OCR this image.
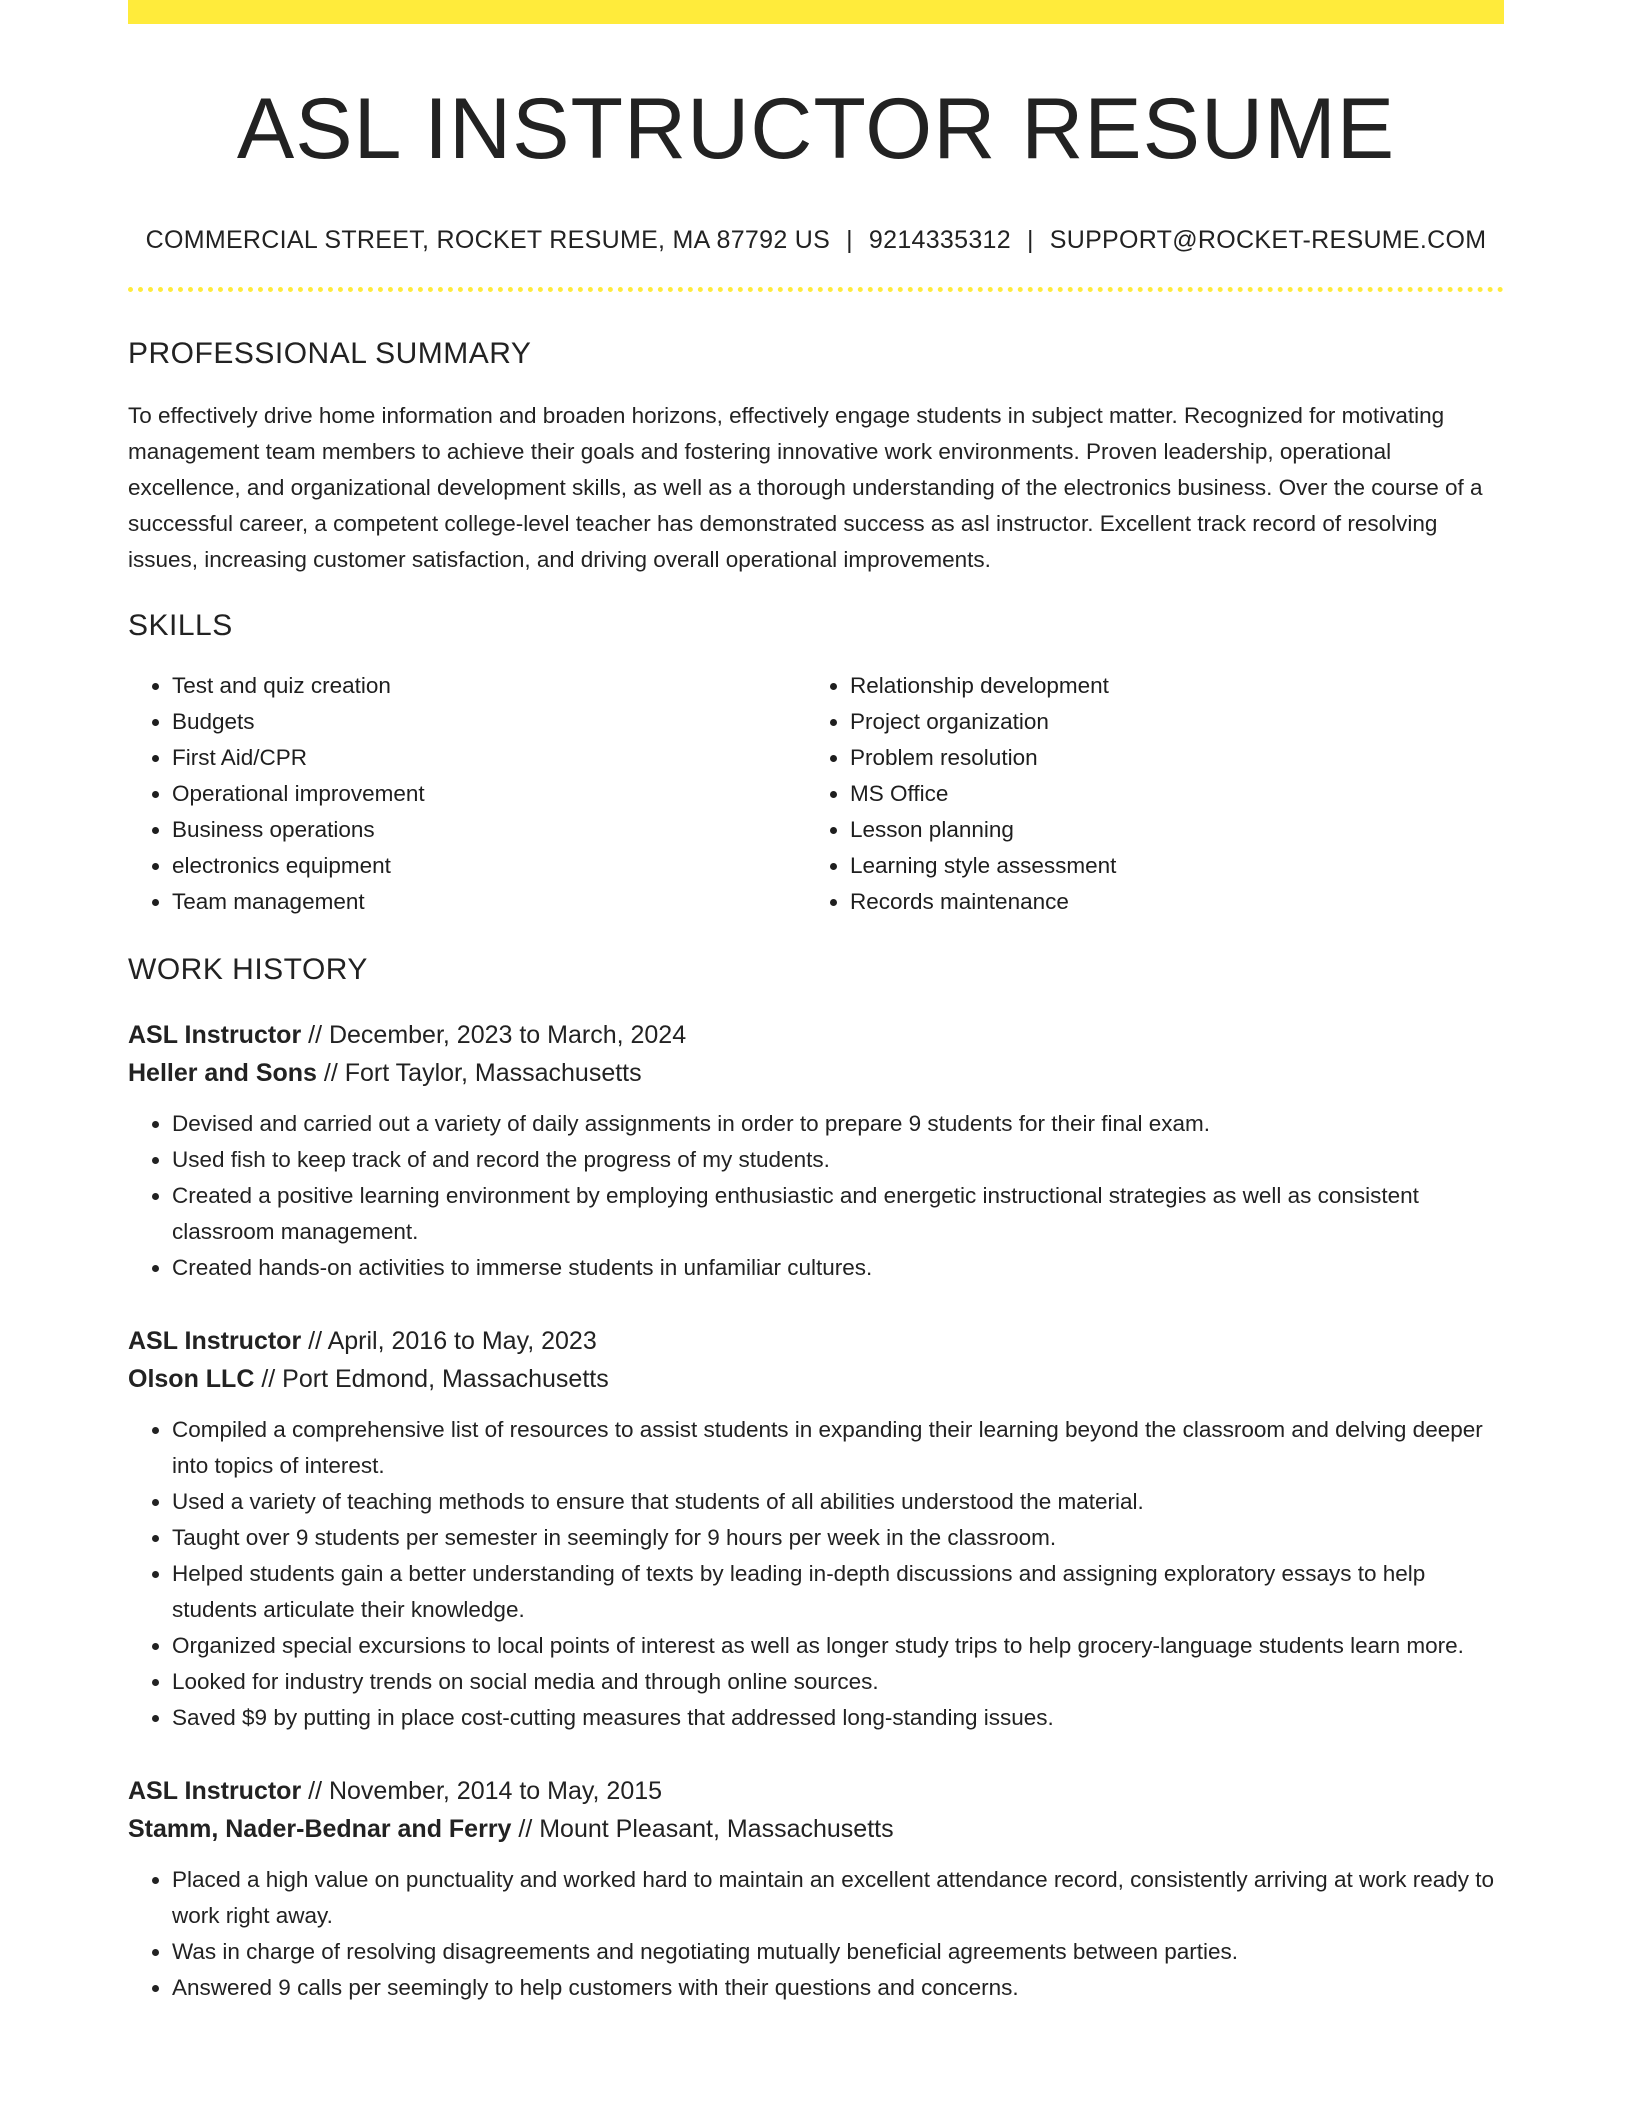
ASL INSTRUCTOR RESUME
COMMERCIAL STREET, ROCKET RESUME, MA 87792 US | 9214335312 | SUPPORT@ROCKET-RESUME.COM
PROFESSIONAL SUMMARY

To effectively drive home information and broaden horizons, effectively engage students in subject matter. Recognized for motivating management team members to achieve their goals and fostering innovative work environments. Proven leadership, operational excellence, and organizational development skills, as well as a thorough understanding of the electronics business. Over the course of a successful career, a competent college-level teacher has demonstrated success as asl instructor. Excellent track record of resolving issues, increasing customer satisfaction, and driving overall operational improvements.

SKILLS
• Test and quiz creation
• Budgets
• First Aid/CPR
• Operational improvement
• Business operations
• electronics equipment
• Team management
• Relationship development
• Project organization
• Problem resolution
• MS Office
• Lesson planning
• Learning style assessment
• Records maintenance
WORK HISTORY
ASL Instructor // December, 2023 to March, 2024
Heller and Sons // Fort Taylor, Massachusetts
• Devised and carried out a variety of daily assignments in order to prepare 9 students for their final exam.
• Used fish to keep track of and record the progress of my students.
• Created a positive learning environment by employing enthusiastic and energetic instructional strategies as well as consistent classroom management.
• Created hands-on activities to immerse students in unfamiliar cultures.
ASL Instructor // April, 2016 to May, 2023
Olson LLC // Port Edmond, Massachusetts
• Compiled a comprehensive list of resources to assist students in expanding their learning beyond the classroom and delving deeper into topics of interest.
• Used a variety of teaching methods to ensure that students of all abilities understood the material.
• Taught over 9 students per semester in seemingly for 9 hours per week in the classroom.
• Helped students gain a better understanding of texts by leading in-depth discussions and assigning exploratory essays to help students articulate their knowledge.
• Organized special excursions to local points of interest as well as longer study trips to help grocery-language students learn more.
• Looked for industry trends on social media and through online sources.
• Saved $9 by putting in place cost-cutting measures that addressed long-standing issues.
ASL Instructor // November, 2014 to May, 2015
Stamm, Nader-Bednar and Ferry // Mount Pleasant, Massachusetts
• Placed a high value on punctuality and worked hard to maintain an excellent attendance record, consistently arriving at work ready to work right away.
• Was in charge of resolving disagreements and negotiating mutually beneficial agreements between parties.
• Answered 9 calls per seemingly to help customers with their questions and concerns.
